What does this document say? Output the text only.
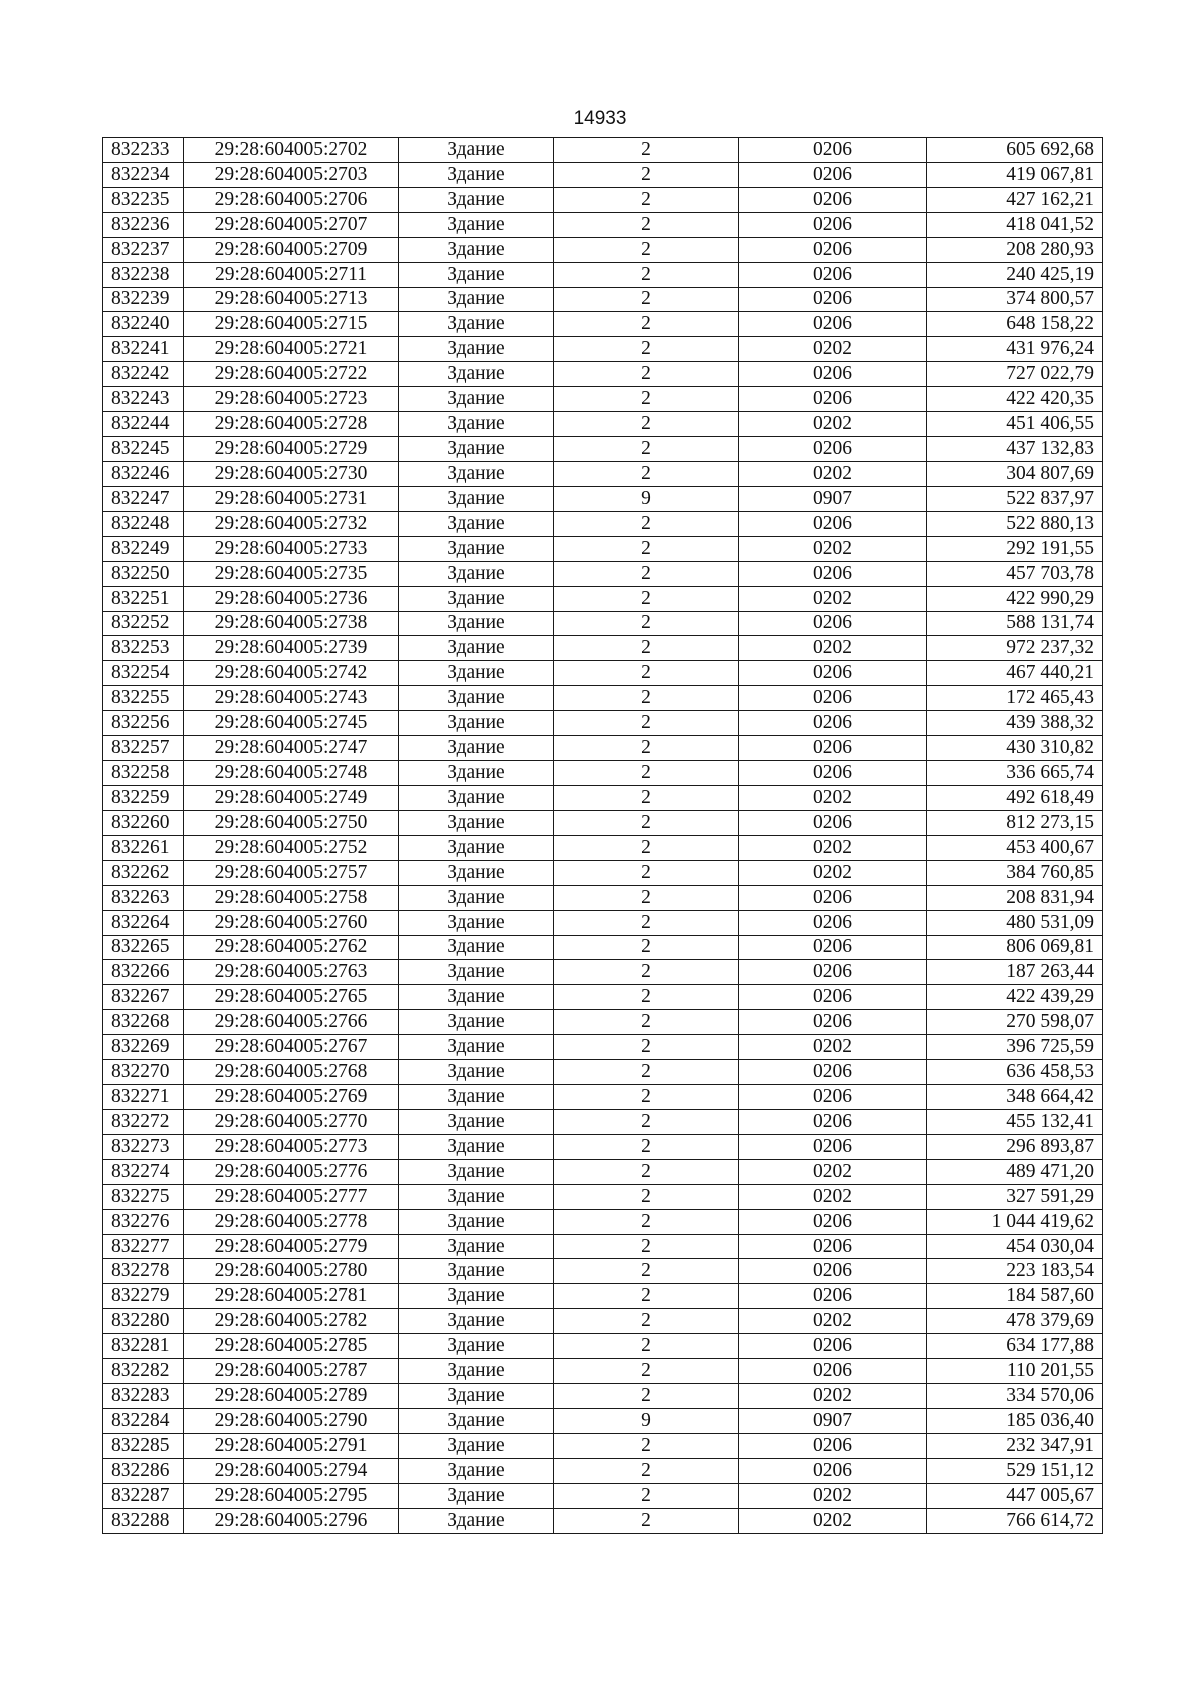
14933
832233	29:28:604005:2702	Здание	2	0206	605 692,68
832234	29:28:604005:2703	Здание	2	0206	419 067,81
832235	29:28:604005:2706	Здание	2	0206	427 162,21
832236	29:28:604005:2707	Здание	2	0206	418 041,52
832237	29:28:604005:2709	Здание	2	0206	208 280,93
832238	29:28:604005:2711	Здание	2	0206	240 425,19
832239	29:28:604005:2713	Здание	2	0206	374 800,57
832240	29:28:604005:2715	Здание	2	0206	648 158,22
832241	29:28:604005:2721	Здание	2	0202	431 976,24
832242	29:28:604005:2722	Здание	2	0206	727 022,79
832243	29:28:604005:2723	Здание	2	0206	422 420,35
832244	29:28:604005:2728	Здание	2	0202	451 406,55
832245	29:28:604005:2729	Здание	2	0206	437 132,83
832246	29:28:604005:2730	Здание	2	0202	304 807,69
832247	29:28:604005:2731	Здание	9	0907	522 837,97
832248	29:28:604005:2732	Здание	2	0206	522 880,13
832249	29:28:604005:2733	Здание	2	0202	292 191,55
832250	29:28:604005:2735	Здание	2	0206	457 703,78
832251	29:28:604005:2736	Здание	2	0202	422 990,29
832252	29:28:604005:2738	Здание	2	0206	588 131,74
832253	29:28:604005:2739	Здание	2	0202	972 237,32
832254	29:28:604005:2742	Здание	2	0206	467 440,21
832255	29:28:604005:2743	Здание	2	0206	172 465,43
832256	29:28:604005:2745	Здание	2	0206	439 388,32
832257	29:28:604005:2747	Здание	2	0206	430 310,82
832258	29:28:604005:2748	Здание	2	0206	336 665,74
832259	29:28:604005:2749	Здание	2	0202	492 618,49
832260	29:28:604005:2750	Здание	2	0206	812 273,15
832261	29:28:604005:2752	Здание	2	0202	453 400,67
832262	29:28:604005:2757	Здание	2	0202	384 760,85
832263	29:28:604005:2758	Здание	2	0206	208 831,94
832264	29:28:604005:2760	Здание	2	0206	480 531,09
832265	29:28:604005:2762	Здание	2	0206	806 069,81
832266	29:28:604005:2763	Здание	2	0206	187 263,44
832267	29:28:604005:2765	Здание	2	0206	422 439,29
832268	29:28:604005:2766	Здание	2	0206	270 598,07
832269	29:28:604005:2767	Здание	2	0202	396 725,59
832270	29:28:604005:2768	Здание	2	0206	636 458,53
832271	29:28:604005:2769	Здание	2	0206	348 664,42
832272	29:28:604005:2770	Здание	2	0206	455 132,41
832273	29:28:604005:2773	Здание	2	0206	296 893,87
832274	29:28:604005:2776	Здание	2	0202	489 471,20
832275	29:28:604005:2777	Здание	2	0202	327 591,29
832276	29:28:604005:2778	Здание	2	0206	1 044 419,62
832277	29:28:604005:2779	Здание	2	0206	454 030,04
832278	29:28:604005:2780	Здание	2	0206	223 183,54
832279	29:28:604005:2781	Здание	2	0206	184 587,60
832280	29:28:604005:2782	Здание	2	0202	478 379,69
832281	29:28:604005:2785	Здание	2	0206	634 177,88
832282	29:28:604005:2787	Здание	2	0206	110 201,55
832283	29:28:604005:2789	Здание	2	0202	334 570,06
832284	29:28:604005:2790	Здание	9	0907	185 036,40
832285	29:28:604005:2791	Здание	2	0206	232 347,91
832286	29:28:604005:2794	Здание	2	0206	529 151,12
832287	29:28:604005:2795	Здание	2	0202	447 005,67
832288	29:28:604005:2796	Здание	2	0202	766 614,72
